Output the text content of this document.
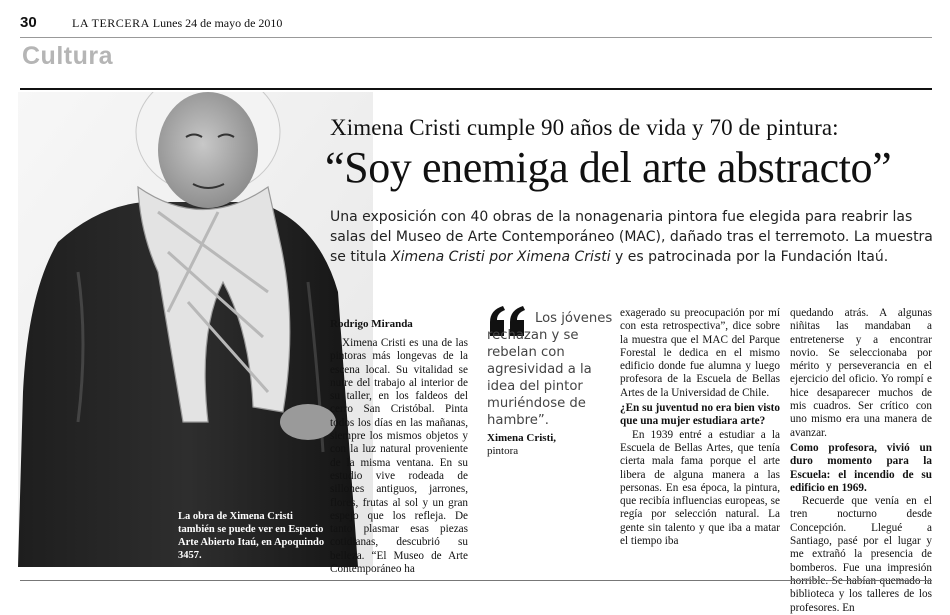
30	LA TERCERA Lunes 24 de mayo de 2010
Cultura
La obra de Ximena Cristi también se puede ver en Espacio Arte Abierto Itaú, en Apoquindo 3457.
Ximena Cristi cumple 90 años de vida y 70 de pintura:
“Soy enemiga del arte abstracto”
Una exposición con 40 obras de la nonagenaria pintora fue elegida para reabrir las salas del Museo de Arte Contemporáneo (MAC), dañado tras el terremoto. La muestra se titula Ximena Cristi por Ximena Cristi y es patrocinada por la Fundación Itaú.
Rodrigo Miranda

Ximena Cristi es una de las pintoras más longevas de la escena local. Su vitalidad se nutre del trabajo al interior de su taller, en los faldeos del cerro San Cristóbal. Pinta todos los días en las mañanas, siempre los mismos objetos y con la luz natural proveniente de la misma ventana. En su estudio vive rodeada de sillones antiguos, jarrones, flores, frutas al sol y un gran espejo que los refleja. De tanto plasmar esas piezas cotidianas, descubrió su belleza. “El Museo de Arte Contemporáneo ha

Los jóvenes rechazan y se rebelan con agresividad a la idea del pintor muriéndose de hambre”.
Ximena Cristi,
pintora

exagerado su preocupación por mí con esta retrospectiva”, dice sobre la muestra que el MAC del Parque Forestal le dedica en el mismo edificio donde fue alumna y luego profesora de la Escuela de Bellas Artes de la Universidad de Chile.

¿En su juventud no era bien visto que una mujer estudiara arte?

En 1939 entré a estudiar a la Escuela de Bellas Artes, que tenía cierta mala fama porque el arte libera de alguna manera a las personas. En esa época, la pintura, que recibía influencias europeas, se regía por selección natural. La gente sin talento y que iba a matar el tiempo iba

quedando atrás. A algunas niñitas las mandaban a entretenerse y a encontrar novio. Se seleccionaba por mérito y perseverancia en el ejercicio del oficio. Yo rompí e hice desaparecer muchos de mis cuadros. Ser crítico con uno mismo era una manera de avanzar.

Como profesora, vivió un duro momento para la Escuela: el incendio de su edificio en 1969.

Recuerde que venía en el tren nocturno desde Concepción. Llegué a Santiago, pasé por el lugar y me extrañó la presencia de bomberos. Fue una impresión biblioteca y los talleres de los profesores. En
